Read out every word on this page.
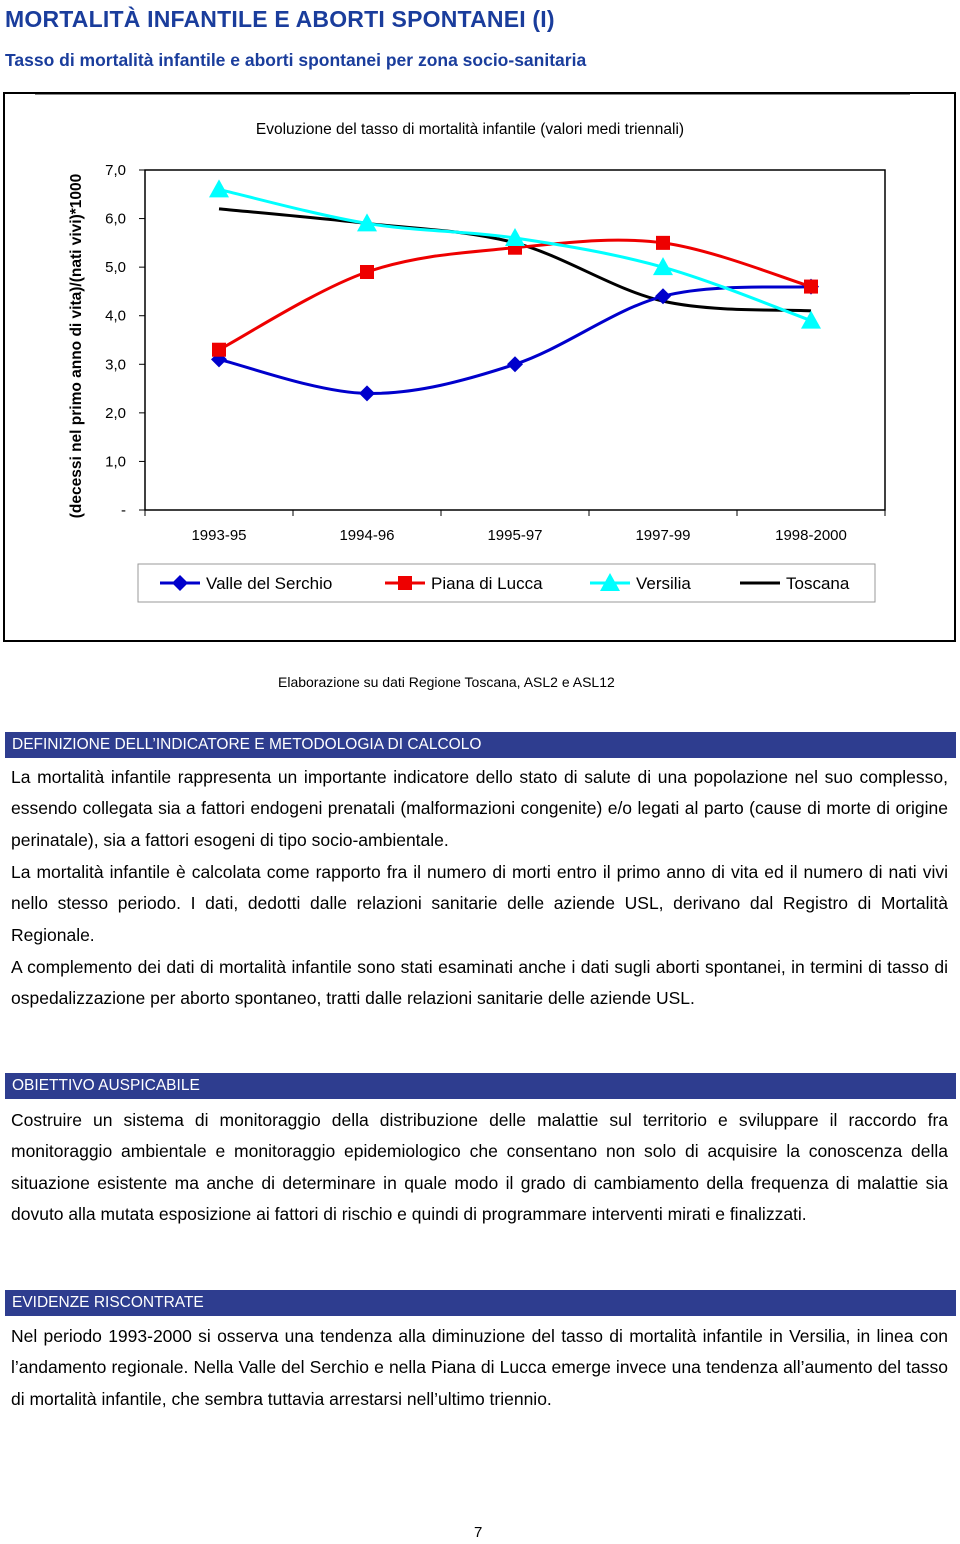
MORTALITÀ INFANTILE E ABORTI SPONTANEI (I)
Tasso di mortalità infantile e aborti spontanei per zona socio-sanitaria
Evoluzione del tasso di mortalità infantile (valori medi triennali)
(decessi nel primo anno di vita)/(nati vivi)*1000 -
1,0
2,0
3,0
4,0
5,0
6,0
7,0
1993-95	1994-96	1995-97	1997-99	1998-2000
Valle del Serchio	Piana di Lucca	Versilia	Toscana
Elaborazione su dati Regione Toscana, ASL2 e ASL12
DEFINIZIONE DELL’INDICATORE E METODOLOGIA DI CALCOLO

La mortalità infantile rappresenta un importante indicatore dello stato di salute di una popolazione nel suo complesso, essendo collegata sia a fattori endogeni prenatali (malformazioni congenite) e/o legati al parto (cause di morte di origine perinatale), sia a fattori esogeni di tipo socio-ambientale.

La mortalità infantile è calcolata come rapporto fra il numero di morti entro il primo anno di vita ed il numero di nati vivi nello stesso periodo. I dati, dedotti dalle relazioni sanitarie delle aziende USL, derivano dal Registro di Mortalità Regionale.

A complemento dei dati di mortalità infantile sono stati esaminati anche i dati sugli aborti spontanei, in termini di tasso di ospedalizzazione per aborto spontaneo, tratti dalle relazioni sanitarie delle aziende USL.

OBIETTIVO AUSPICABILE

Costruire un sistema di monitoraggio della distribuzione delle malattie sul territorio e sviluppare il raccordo fra monitoraggio ambientale e monitoraggio epidemiologico che consentano non solo di acquisire la conoscenza della situazione esistente ma anche di determinare in quale modo il grado di cambiamento della frequenza di malattie sia dovuto alla mutata esposizione ai fattori di rischio e quindi di programmare interventi mirati e finalizzati.

EVIDENZE RISCONTRATE

Nel periodo 1993-2000 si osserva una tendenza alla diminuzione del tasso di mortalità infantile in Versilia, in linea con l’andamento regionale. Nella Valle del Serchio e nella Piana di Lucca emerge invece una tendenza all’aumento del tasso di mortalità infantile, che sembra tuttavia arrestarsi nell’ultimo triennio.

7
